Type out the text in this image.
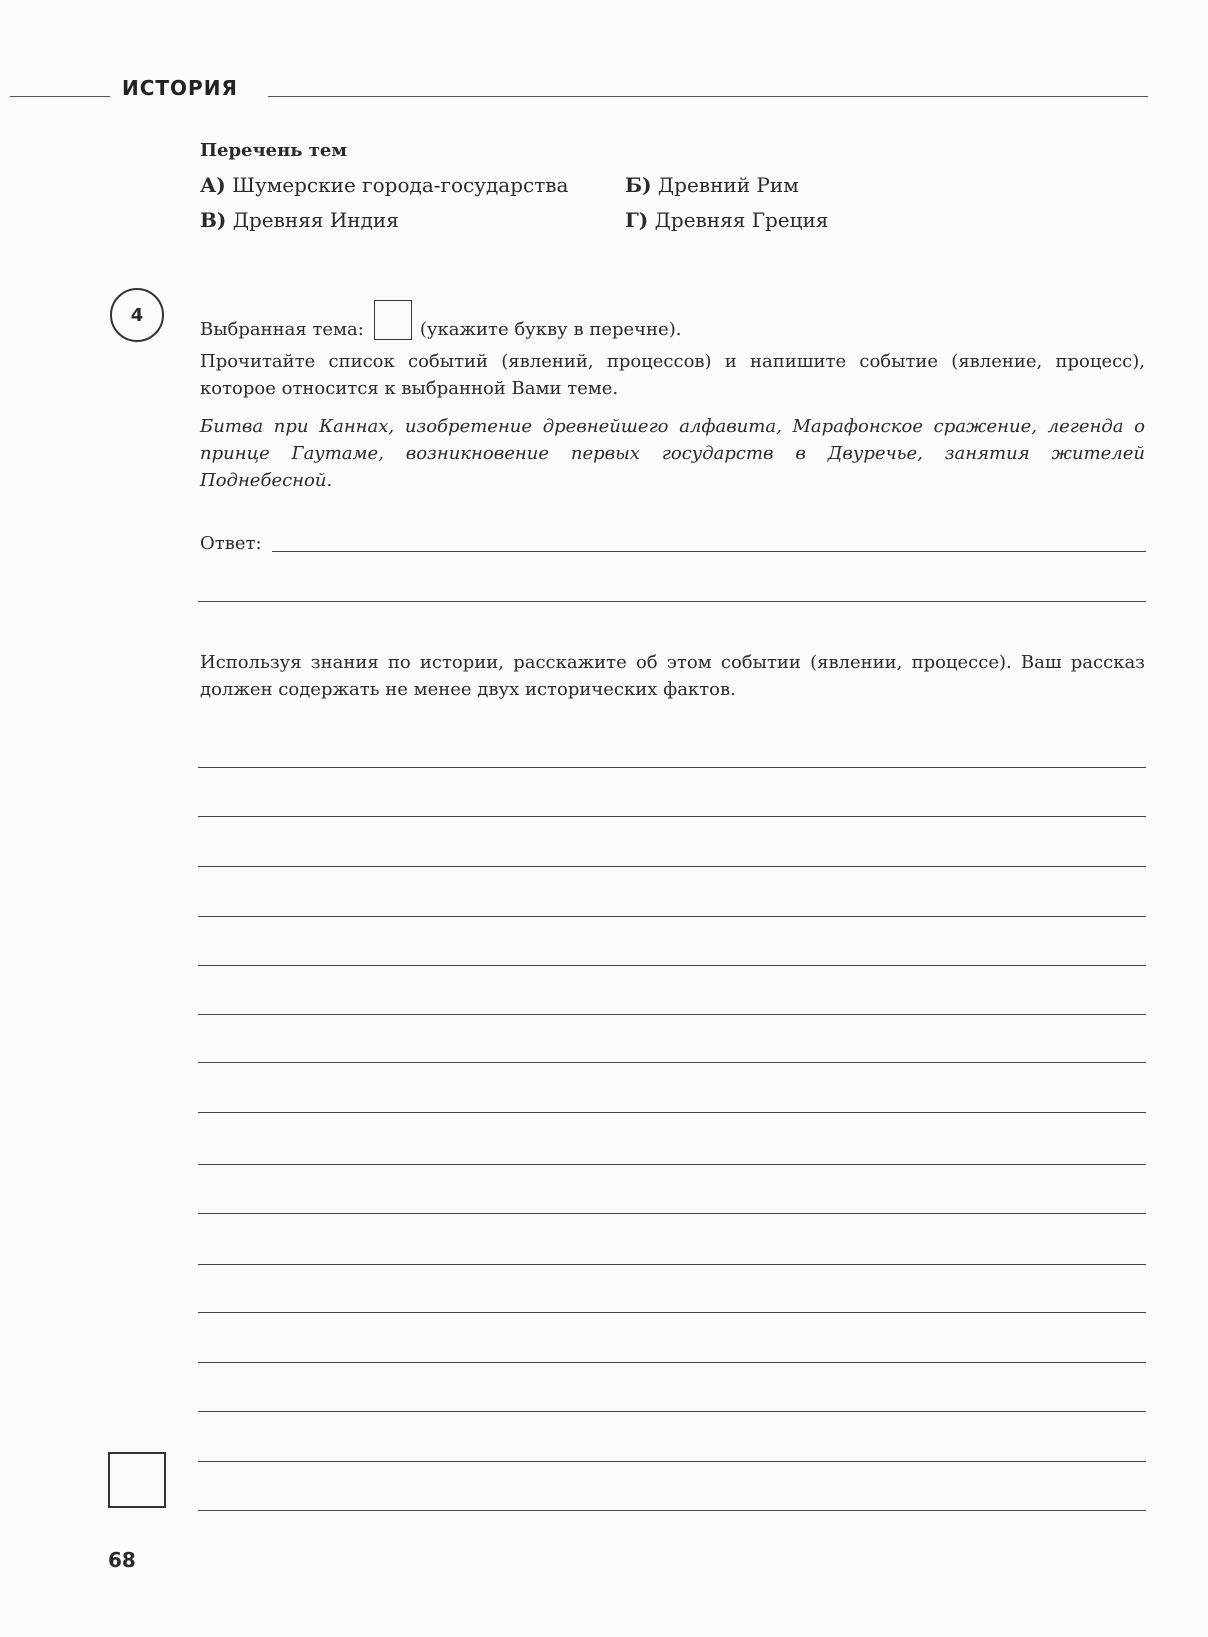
ИСТОРИЯ
Перечень тем
А) Шумерские города-государства	Б) Древний Рим
В) Древняя Индия	Г) Древняя Греция
4
Выбранная тема:	(укажите букву в перечне).
Прочитайте список событий (явлений, процессов) и напишите событие (явление, процесс), которое относится к выбранной Вами теме.
Битва при Каннах, изобретение древнейшего алфавита, Марафонское сражение, легенда о принце Гаутаме, возникновение первых государств в Двуречье, занятия жителей Поднебесной.
Ответ:
Используя знания по истории, расскажите об этом событии (явлении, процессе). Ваш рассказ должен содержать не менее двух исторических фактов.
68
